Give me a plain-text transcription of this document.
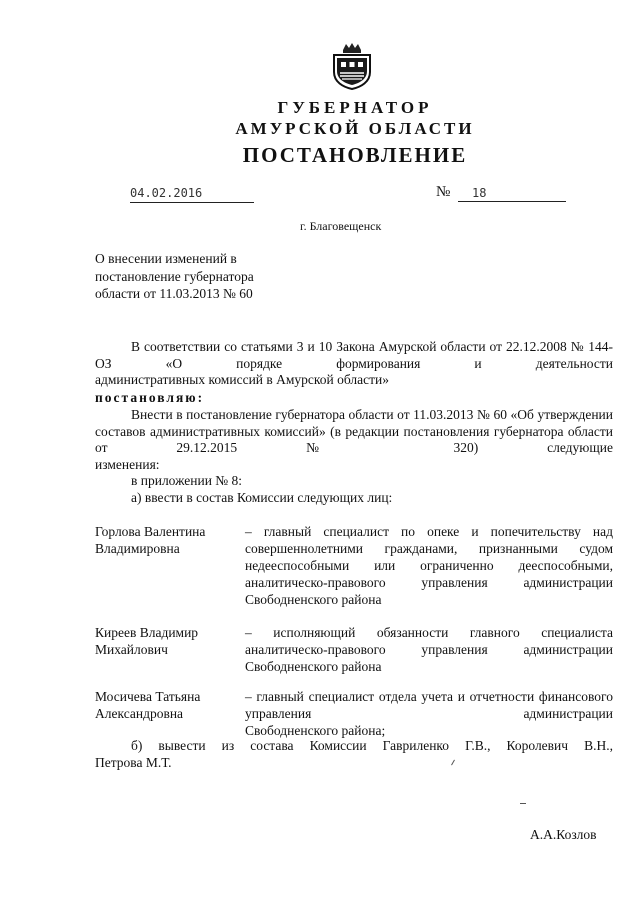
ГУБЕРНАТОР
АМУРСКОЙ ОБЛАСТИ
ПОСТАНОВЛЕНИЕ
04.02.2016	№	18
г. Благовещенск
О внесении изменений в постановление губернатора области от 11.03.2013 № 60
В соответствии со статьями 3 и 10 Закона Амурской области от 22.12.2008 № 144-ОЗ «О порядке формирования и деятельности
административных комиссий в Амурской области»
постановляю:
Внести в постановление губернатора области от 11.03.2013 № 60 «Об утверждении составов административных комиссий» (в редакции постановления губернатора области от 29.12.2015 № 320) следующие
изменения:
в приложении № 8:
а) ввести в состав Комиссии следующих лиц:
Горлова Валентина Владимировна
– главный специалист по опеке и попечительству над совершеннолетними гражданами, признанными судом недееспособными или ограниченно дееспособными, аналитическо-правового управления администрации
Свободненского района
Киреев Владимир Михайлович
– исполняющий обязанности главного специалиста аналитическо-правового управления администрации
Свободненского района
Мосичева Татьяна Александровна
– главный специалист отдела учета и отчетности финансового управления администрации
Свободненского района;
б) вывести из состава Комиссии Гавриленко Г.В., Королевич В.Н.,
Петрова М.Т.
А.А.Козлов
